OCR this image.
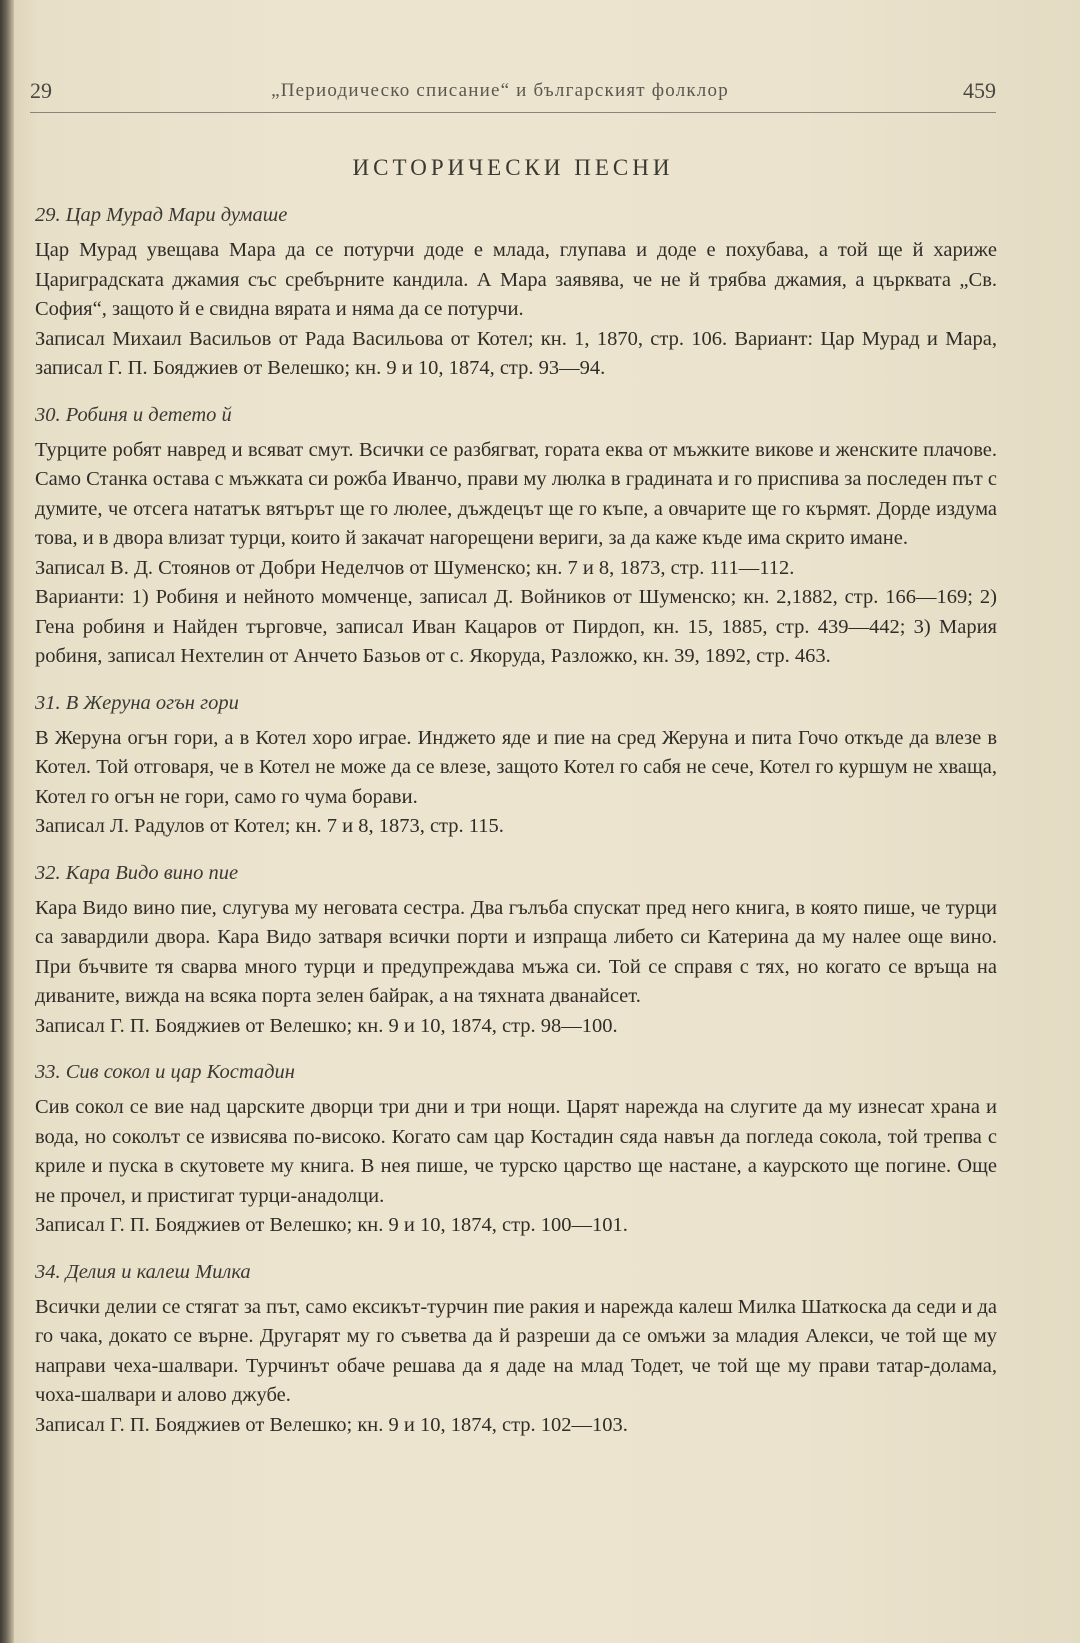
29	„Периодическо списание“ и българският фолклор	459
ИСТОРИЧЕСКИ ПЕСНИ
29. Цар Мурад Мари думаше

Цар Мурад увещава Мара да се потурчи доде е млада, глупава и доде е похубава, а той ще й харижe Цариградската джамия със сребърните кандила. А Мара заявява, че не й трябва джамия, а църквата „Св. София“, защото й е свидна вярата и няма да се потурчи.

Записал Михаил Васильов от Рада Васильова от Котел; кн. 1, 1870, стр. 106. Вариант: Цар Мурад и Мара, записал Г. П. Бояджиев от Велешко; кн. 9 и 10, 1874, стр. 93—94.

30. Робиня и детето й

Турците робят навред и всяват смут. Всички се разбягват, гората еква от мъжките викове и женските плачове. Само Станка остава с мъжката си рожба Иванчо, прави му люлка в градината и го приспива за последен път с думите, че отсега нататък вятърът ще го люлее, дъждецът ще го къпе, а овчарите ще го кърмят. Дорде издума това, и в двора влизат турци, които й закачат нагорещени вериги, за да каже къде има скрито имане.

Записал В. Д. Стоянов от Добри Неделчов от Шуменско; кн. 7 и 8, 1873, стр. 111—112.

Варианти: 1) Робиня и нейното момченце, записал Д. Войников от Шуменско; кн. 2,1882, стр. 166—169; 2) Гена робиня и Найден търговче, записал Иван Кацаров от Пирдоп, кн. 15, 1885, стр. 439—442; 3) Мария робиня, записал Нехтелин от Анчето Базьов от с. Якоруда, Разложко, кн. 39, 1892, стр. 463.

31. В Жеруна огън гори

В Жеруна огън гори, а в Котел хоро играе. Инджето яде и пие на сред Жеруна и пита Гочо откъде да влезе в Котел. Той отговаря, че в Котел не може да се влезе, защото Котел го сабя не сече, Котел го куршум не хваща, Котел го огън не гори, само го чума борави.

Записал Л. Радулов от Котел; кн. 7 и 8, 1873, стр. 115.

32. Кара Видо вино пие

Кара Видо вино пие, слугува му неговата сестра. Два гълъба спускат пред него книга, в която пише, че турци са завардили двора. Кара Видо затваря всички порти и изпраща либето си Катерина да му налее още вино. При бъчвите тя сварва много турци и предупреждава мъжа си. Той се справя с тях, но когато се връща на диваните, вижда на всяка порта зелен байрак, а на тяхната дванайсет.

Записал Г. П. Бояджиев от Велешко; кн. 9 и 10, 1874, стр. 98—100.

33. Сив сокол и цар Костадин

Сив сокол се вие над царските дворци три дни и три нощи. Царят нарежда на слугите да му изнесат храна и вода, но соколът се извисява по-високо. Когато сам цар Костадин сяда навън да погледа сокола, той трепва с криле и пуска в скутовете му книга. В нея пише, че турско царство ще настане, а каурското ще погине. Още не прочел, и пристигат турци-анадолци.

Записал Г. П. Бояджиев от Велешко; кн. 9 и 10, 1874, стр. 100—101.

34. Делия и калеш Милка

Всички делии се стягат за път, само ексикът-турчин пие ракия и нарежда калеш Милка Шаткоска да седи и да го чака, докато се върне. Другарят му го съветва да й разреши да се омъжи за младия Алекси, че той ще му направи чеха-шалвари. Турчинът обаче решава да я даде на млад Тодет, че той ще му прави татар-долама, чоха-шалвари и алово джубе.

Записал Г. П. Бояджиев от Велешко; кн. 9 и 10, 1874, стр. 102—103.
